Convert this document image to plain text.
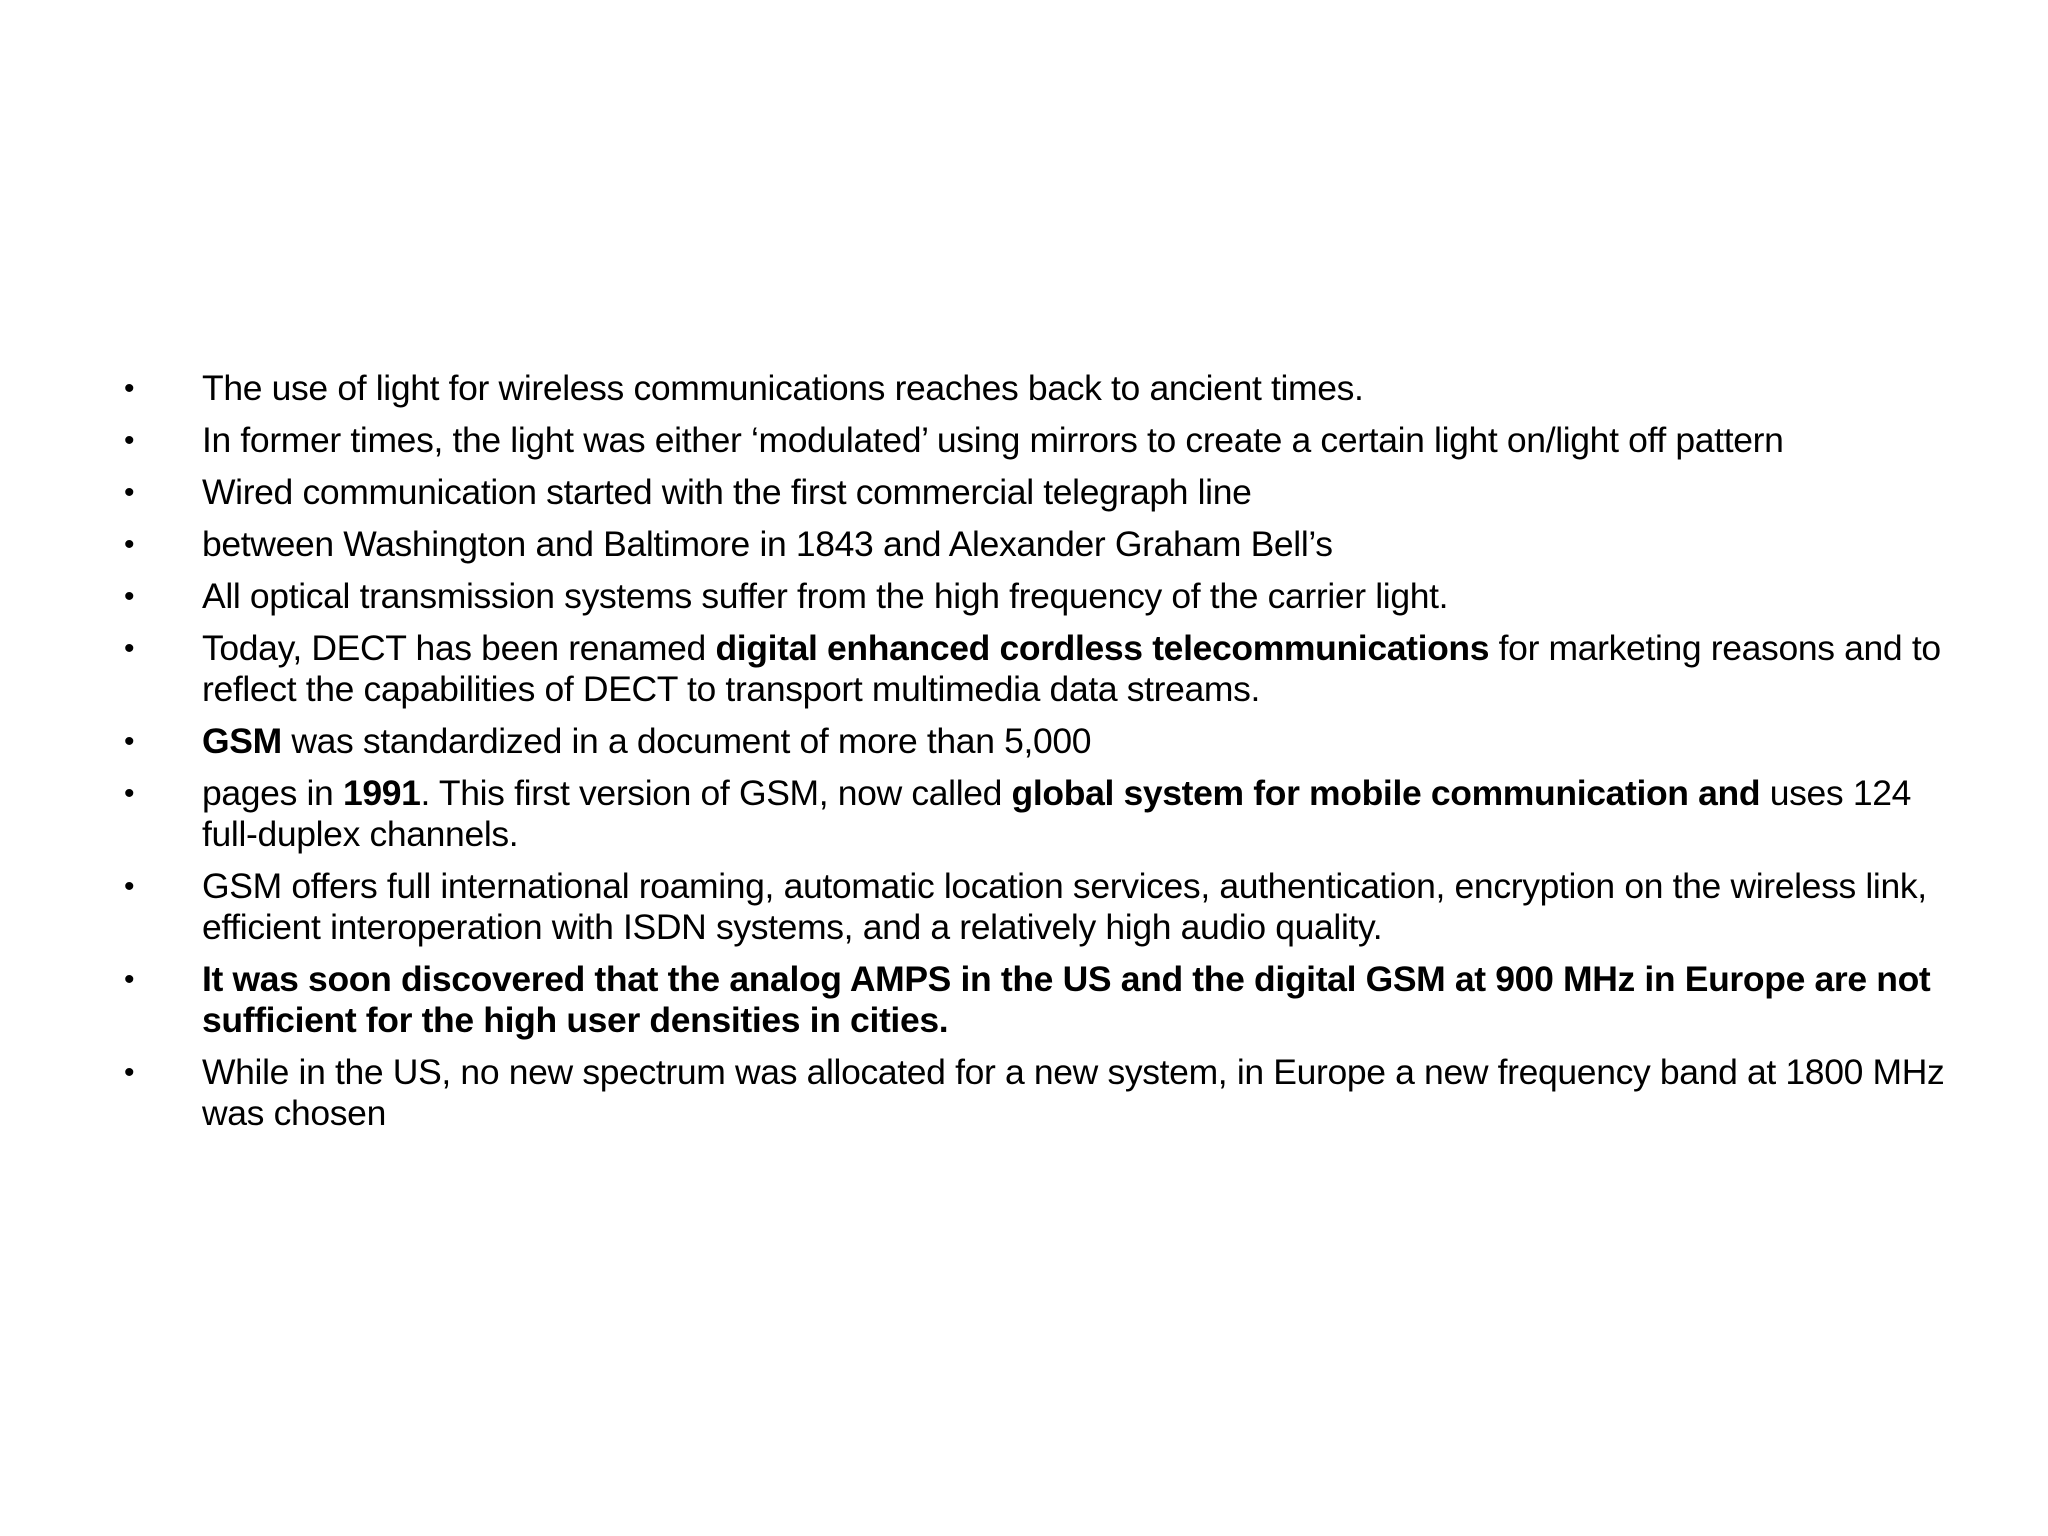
• The use of light for wireless communications reaches back to ancient times.
• In former times, the light was either ‘modulated’ using mirrors to create a certain light on/light off pattern
• Wired communication started with the first commercial telegraph line
• between Washington and Baltimore in 1843 and Alexander Graham Bell’s
• All optical transmission systems suffer from the high frequency of the carrier light.
• Today, DECT has been renamed digital enhanced cordless telecommunications for marketing reasons and to reflect the capabilities of DECT to transport multimedia data streams.
• GSM was standardized in a document of more than 5,000
• pages in 1991. This first version of GSM, now called global system for mobile communication and uses 124 full-duplex channels.
• GSM offers full international roaming, automatic location services, authentication, encryption on the wireless link, efficient interoperation with ISDN systems, and a relatively high audio quality.
• It was soon discovered that the analog AMPS in the US and the digital GSM at 900 MHz in Europe are not sufficient for the high user densities in cities.
• While in the US, no new spectrum was allocated for a new system, in Europe a new frequency band at 1800 MHz was chosen
